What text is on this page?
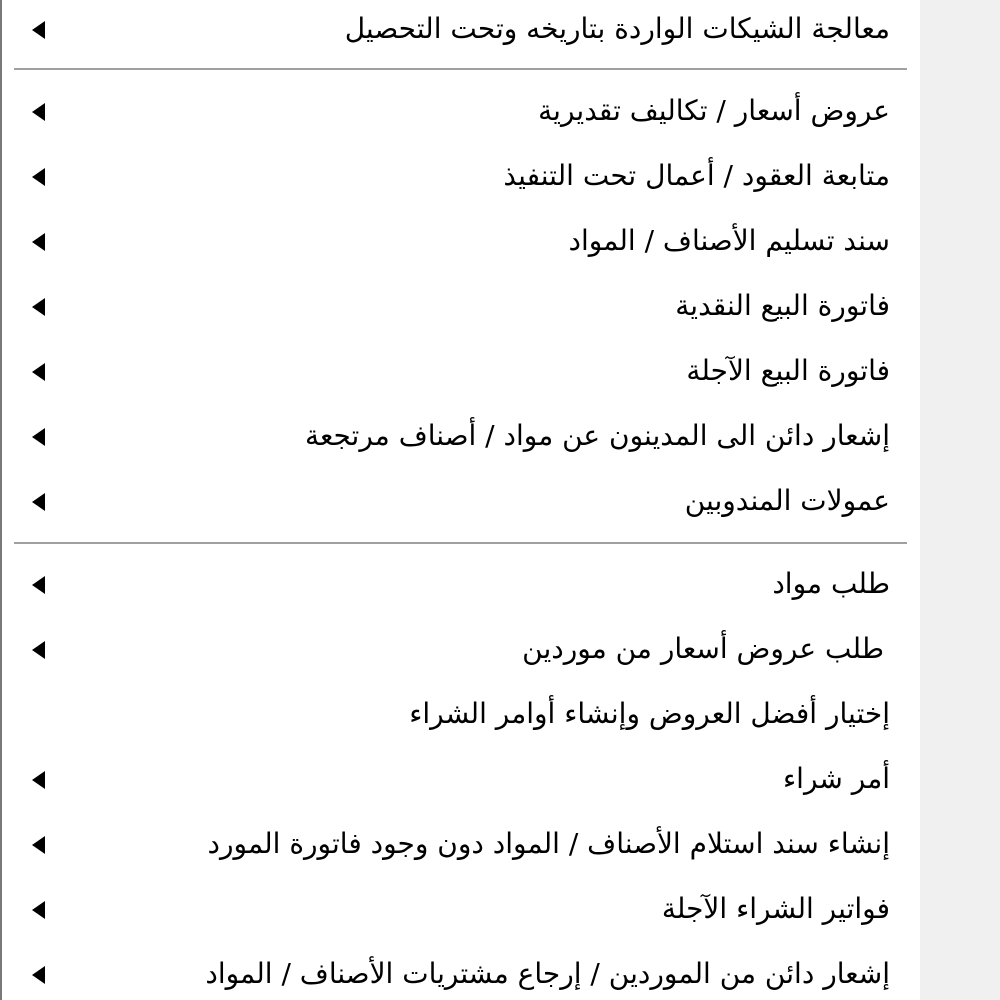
معالجة الشيكات الواردة بتاريخه وتحت التحصيل
عروض أسعار / تكاليف تقديرية
متابعة العقود / أعمال تحت التنفيذ
سند تسليم الأصناف / المواد
فاتورة البيع النقدية
فاتورة البيع الآجلة
إشعار دائن الى المدينون عن مواد / أصناف مرتجعة
عمولات المندوبين
طلب مواد
طلب عروض أسعار من موردين
إختيار أفضل العروض وإنشاء أوامر الشراء
أمر شراء
إنشاء سند استلام الأصناف / المواد دون وجود فاتورة المورد
فواتير الشراء الآجلة
إشعار دائن من الموردين / إرجاع مشتريات الأصناف / المواد
